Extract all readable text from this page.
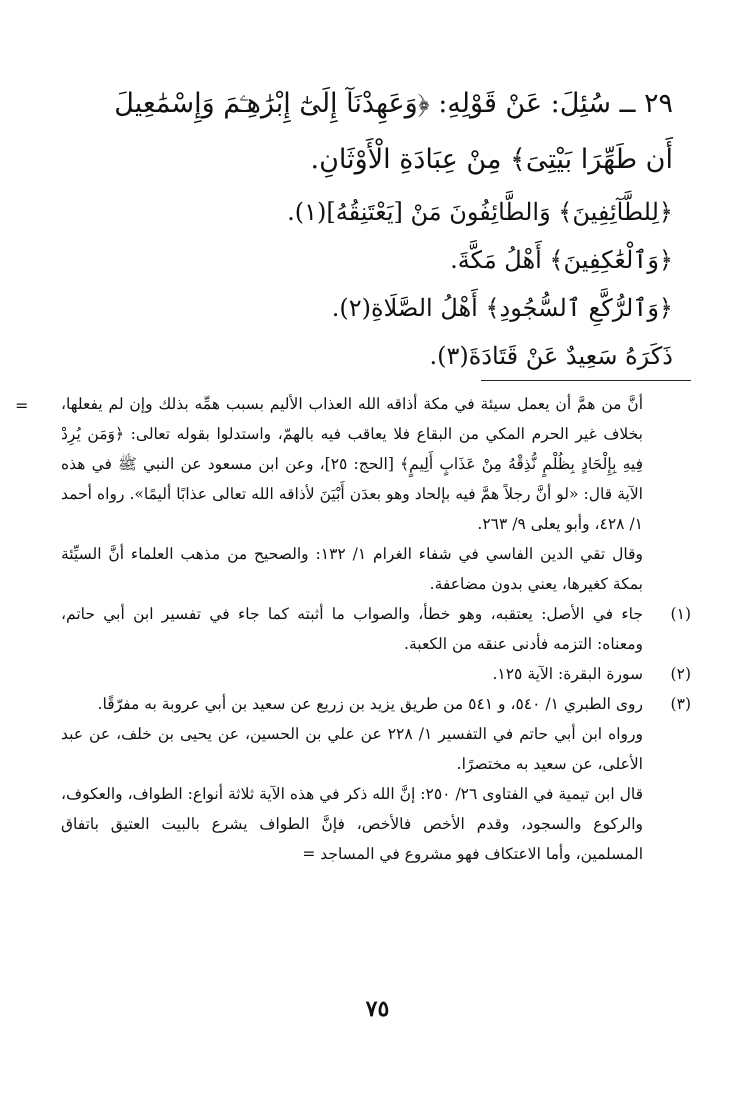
٢٩ ــ سُئِلَ: عَنْ قَوْلِهِ: ﴿وَعَهِدْنَآ إِلَىٰٓ إِبْرَٰهِـۧمَ وَإِسْمَٰعِيلَ
أَن طَهِّرَا بَيْتِىَ﴾ مِنْ عِبَادَةِ الْأَوْثَانِ.
﴿لِلطَّآئِفِينَ﴾ وَالطَّائِفُونَ مَنْ [يَعْتَنِقُهُ](١).
﴿وَٱلْعَٰكِفِينَ﴾ أَهْلُ مَكَّةَ.
﴿وَٱلرُّكَّعِ ٱلسُّجُودِ﴾ أَهْلُ الصَّلَاةِ(٢).
ذَكَرَهُ سَعِيدٌ عَنْ قَتَادَةَ(٣).
= أنَّ من همَّ أن يعمل سيئة في مكة أذاقه الله العذاب الأليم بسبب همِّه بذلك وإن لم يفعلها، بخلاف غير الحرم المكي من البقاع فلا يعاقب فيه بالهمّ، واستدلوا بقوله تعالى: ﴿وَمَن يُرِدْ فِيهِ بِإِلْحَادٍ بِظُلْمٍ نُّذِقْهُ مِنْ عَذَابٍ أَلِيمٍ﴾ [الحج: ٢٥]، وعن ابن مسعود عن النبي ﷺ في هذه الآية قال: «لو أنَّ رجلاً همَّ فيه بإلحاد وهو بعدَن أَبْيَنَ لأذاقه الله تعالى عذابًا أليمًا». رواه أحمد ١/ ٤٢٨، وأبو يعلى ٩/ ٢٦٣.
وقال تقي الدين الفاسي في شفاء الغرام ١/ ١٣٢: والصحيح من مذهب العلماء أنَّ السيِّئة بمكة كغيرها، يعني بدون مضاعفة.
(١)
جاء في الأصل: يعتقبه، وهو خطأ، والصواب ما أثبته كما جاء في تفسير ابن أبي حاتم، ومعناه: التزمه فأدنى عنقه من الكعبة.
(٢)
سورة البقرة: الآية ١٢٥.
(٣)
روى الطبري ١/ ٥٤٠، و ٥٤١ من طريق يزيد بن زريع عن سعيد بن أبي عروبة به مفرّقًا.
ورواه ابن أبي حاتم في التفسير ١/ ٢٢٨ عن علي بن الحسين، عن يحيى بن خلف، عن عبد الأعلى، عن سعيد به مختصرًا.
قال ابن تيمية في الفتاوى ٢٦/ ٢٥٠: إنَّ الله ذكر في هذه الآية ثلاثة أنواع: الطواف، والعكوف، والركوع والسجود، وقدم الأخص فالأخص، فإنَّ الطواف يشرع بالبيت العتيق باتفاق المسلمين، وأما الاعتكاف فهو مشروع في المساجد =
٧٥
